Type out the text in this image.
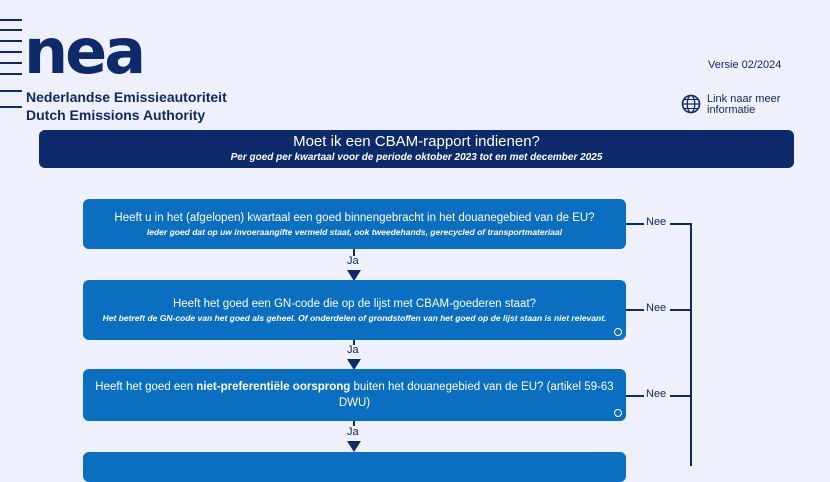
nea
Nederlandse Emissieautoriteit
Dutch Emissions Authority
Versie 02/2024
Link naar meer informatie
Moet ik een CBAM-rapport indienen?
Per goed per kwartaal voor de periode oktober 2023 tot en met december 2025
Heeft u in het (afgelopen) kwartaal een goed binnengebracht in het douanegebied van de EU?
Ieder goed dat op uw invoeraangifte vermeld staat, ook tweedehands, gerecycled of transportmateriaal
Ja
Heeft het goed een GN-code die op de lijst met CBAM-goederen staat?
Het betreft de GN-code van het goed als geheel. Of onderdelen of grondstoffen van het goed op de lijst staan is niet relevant.
Ja
Heeft het goed een niet-preferentiële oorsprong buiten het douanegebied van de EU? (artikel 59-63 DWU)
Ja
Nee
Nee
Nee
